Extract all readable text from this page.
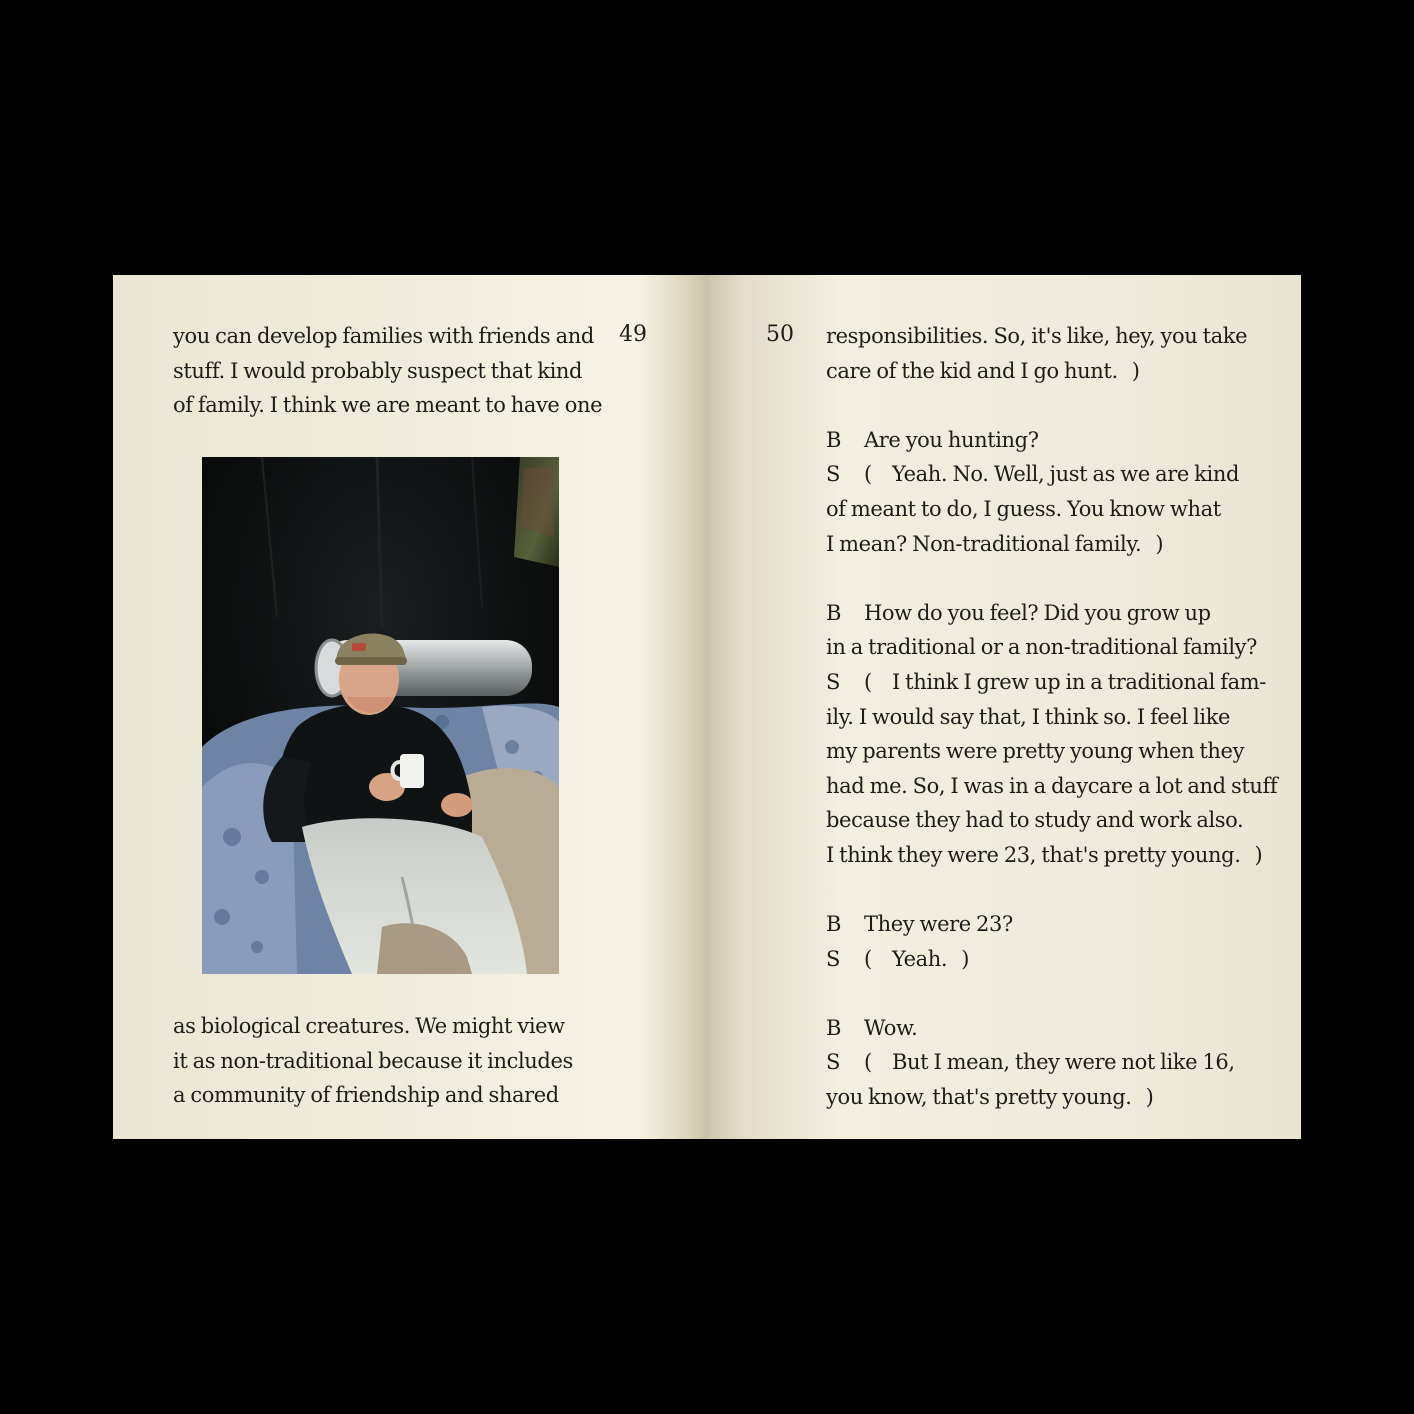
you can develop families with friends and

stuff. I would probably suspect that kind

of family. I think we are meant to have one

49

as biological creatures. We might view

it as non-traditional because it includes

a community of friendship and shared

50 responsibilities. So, it's like, hey, you take

care of the kid and I go hunt. )

B Are you hunting?

S ( Yeah. No. Well, just as we are kind

of meant to do, I guess. You know what

I mean? Non-traditional family. )

B How do you feel? Did you grow up

in a traditional or a non-traditional family?

S ( I think I grew up in a traditional fam-

ily. I would say that, I think so. I feel like

my parents were pretty young when they

had me. So, I was in a daycare a lot and stuff

because they had to study and work also.

I think they were 23, that's pretty young. )

B They were 23?

S ( Yeah. )

B Wow.

S ( But I mean, they were not like 16,

you know, that's pretty young. )
